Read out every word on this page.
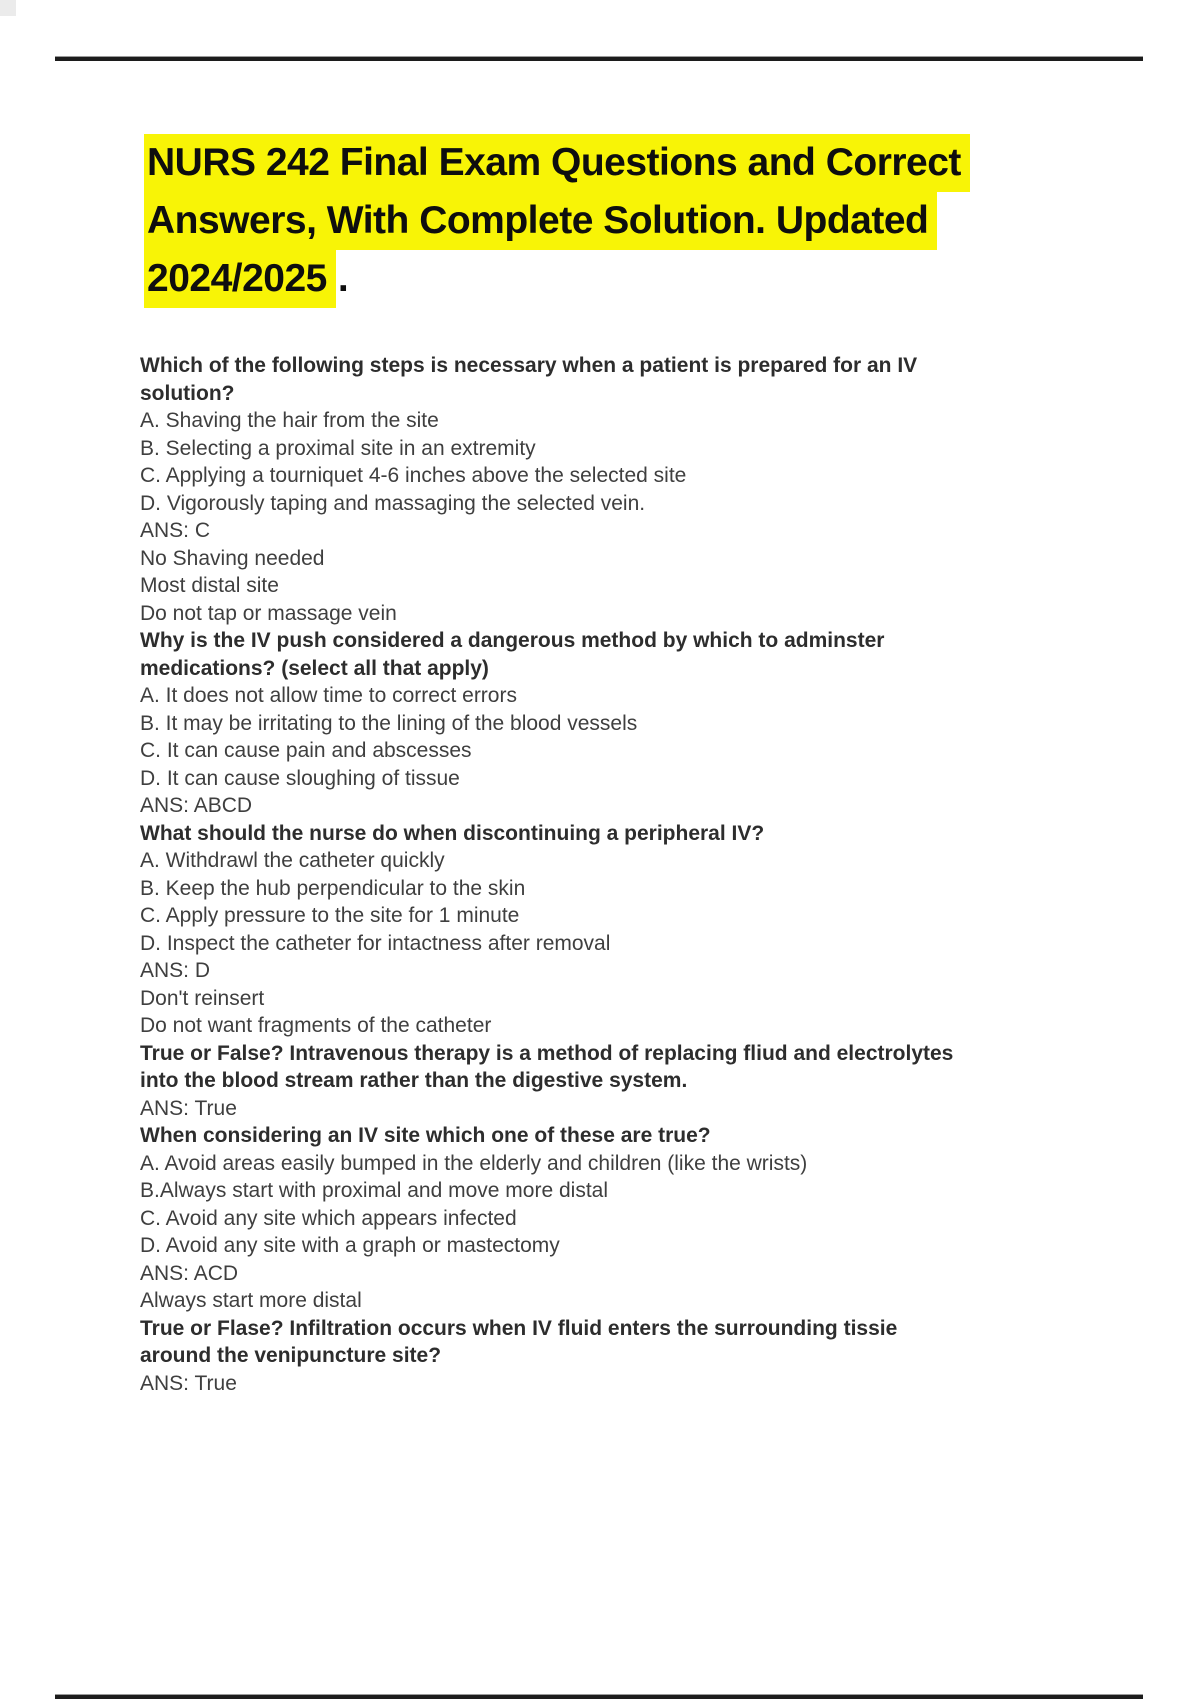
NURS 242 Final Exam Questions and Correct
Answers, With Complete Solution. Updated
2024/2025 .
Which of the following steps is necessary when a patient is prepared for an IV
solution?
A. Shaving the hair from the site
B. Selecting a proximal site in an extremity
C. Applying a tourniquet 4-6 inches above the selected site
D. Vigorously taping and massaging the selected vein.
ANS: C
No Shaving needed
Most distal site
Do not tap or massage vein
Why is the IV push considered a dangerous method by which to adminster
medications? (select all that apply)
A. It does not allow time to correct errors
B. It may be irritating to the lining of the blood vessels
C. It can cause pain and abscesses
D. It can cause sloughing of tissue
ANS: ABCD
What should the nurse do when discontinuing a peripheral IV?
A. Withdrawl the catheter quickly
B. Keep the hub perpendicular to the skin
C. Apply pressure to the site for 1 minute
D. Inspect the catheter for intactness after removal
ANS: D
Don't reinsert
Do not want fragments of the catheter
True or False? Intravenous therapy is a method of replacing fliud and electrolytes
into the blood stream rather than the digestive system.
ANS: True
When considering an IV site which one of these are true?
A. Avoid areas easily bumped in the elderly and children (like the wrists)
B.Always start with proximal and move more distal
C. Avoid any site which appears infected
D. Avoid any site with a graph or mastectomy
ANS: ACD
Always start more distal
True or Flase? Infiltration occurs when IV fluid enters the surrounding tissie
around the venipuncture site?
ANS: True
